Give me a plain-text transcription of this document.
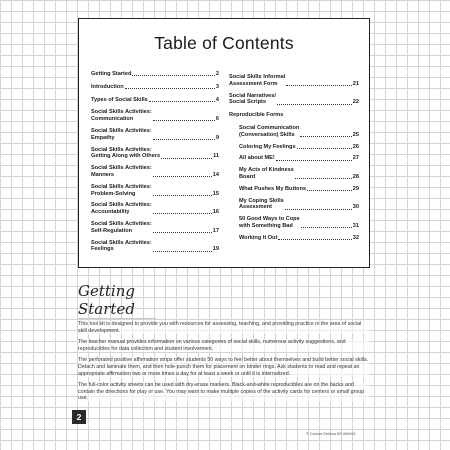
Table of Contents
Getting Started	2
Introduction	3
Types of Social Skills	4
Social Skills Activities:
Communication	6
Social Skills Activities:
Empathy	9
Social Skills Activities:
Getting Along with Others	11
Social Skills Activities:
Manners	14
Social Skills Activities:
Problem-Solving	15
Social Skills Activities:
Accountability	16
Social Skills Activities:
Self-Regulation	17
Social Skills Activities:
Feelings	19
Social Skills Informal
Assessment Form	21
Social Narratives/
Social Scripts	22
Reproducible Forms
Social Communication
(Conversation) Skills	25
Coloring My Feelings	26
All about ME!	27
My Acts of Kindness
Board	28
What Pushes My Buttons	29
My Coping Skills
Assessment	30
50 Good Ways to Cope
with Something Bad	31
Working It Out	32
Getting Started

This tool kit is designed to provide you with resources for assessing, teaching, and providing practice in the area of social skill development.

The teacher manual provides information on various categories of social skills, numerous activity suggestions, and reproducibles for data collection and student involvement.

The perforated positive affirmation strips offer students 50 ways to feel better about themselves and build better social skills. Detach and laminate them, and then hole-punch them for placement on binder rings. Ask students to read and repeat an appropriate affirmation two or more times a day for at least a week or until it is internalized.

The full-color activity sheets can be used with dry-erase markers. Black-and-white reproducibles are on the backs and contain the directions for play or use. You may want to make multiple copies of the activity cards for centers or small group use.

2
© Carson Dellosa KE-846001
